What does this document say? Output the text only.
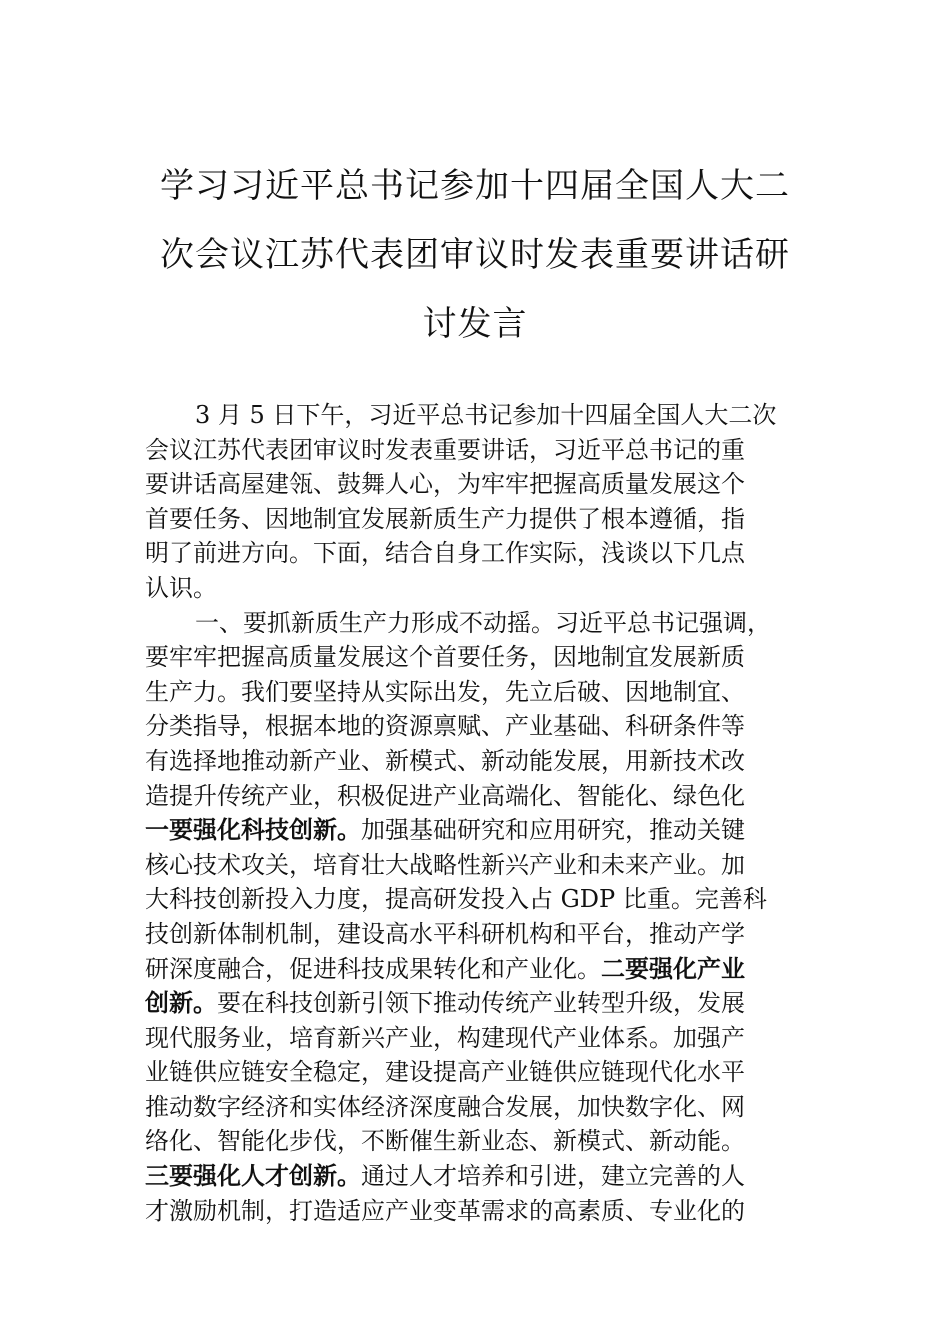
学习习近平总书记参加十四届全国人大二
次会议江苏代表团审议时发表重要讲话研
讨发言
3 月 5 日下午，习近平总书记参加十四届全国人大二次
会议江苏代表团审议时发表重要讲话，习近平总书记的重
要讲话高屋建瓴、鼓舞人心，为牢牢把握高质量发展这个
首要任务、因地制宜发展新质生产力提供了根本遵循，指
明了前进方向。下面，结合自身工作实际，浅谈以下几点
认识。
一、要抓新质生产力形成不动摇。习近平总书记强调，
要牢牢把握高质量发展这个首要任务，因地制宜发展新质
生产力。我们要坚持从实际出发，先立后破、因地制宜、
分类指导，根据本地的资源禀赋、产业基础、科研条件等
有选择地推动新产业、新模式、新动能发展，用新技术改
造提升传统产业，积极促进产业高端化、智能化、绿色化
一要强化科技创新。加强基础研究和应用研究，推动关键
核心技术攻关，培育壮大战略性新兴产业和未来产业。加
大科技创新投入力度，提高研发投入占 GDP 比重。完善科
技创新体制机制，建设高水平科研机构和平台，推动产学
研深度融合，促进科技成果转化和产业化。二要强化产业
创新。要在科技创新引领下推动传统产业转型升级，发展
现代服务业，培育新兴产业，构建现代产业体系。加强产
业链供应链安全稳定，建设提高产业链供应链现代化水平
推动数字经济和实体经济深度融合发展，加快数字化、网
络化、智能化步伐，不断催生新业态、新模式、新动能。
三要强化人才创新。通过人才培养和引进，建立完善的人
才激励机制，打造适应产业变革需求的高素质、专业化的
